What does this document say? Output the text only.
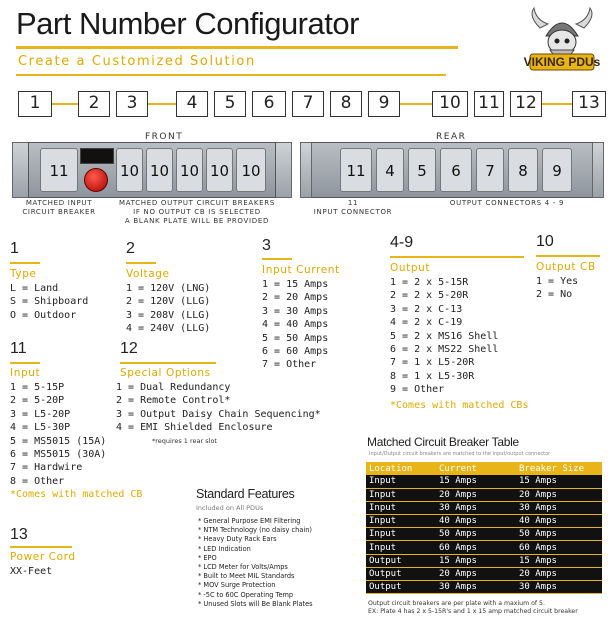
Part Number Configurator
Create a Customized Solution	VIKING PDUs
1	2	3	4	5	6	7	8	9	10	11 12	13
FRONT
11	10 10 10 10 10
MATCHED INPUT
CIRCUIT BREAKER
MATCHED OUTPUT CIRCUIT BREAKERS
IF NO OUTPUT CB IS SELECTED
A BLANK PLATE WILL BE PROVIDED
REAR
11	4	5	6	7	8	9
11
INPUT CONNECTOR
OUTPUT CONNECTORS 4 - 9
1
Type
L = Land
S = Shipboard
O = Outdoor
2
Voltage
1 = 120V (LNG)
2 = 120V (LLG)
3 = 208V (LLG)
4 = 240V (LLG)
3
Input Current
1 = 15 Amps
2 = 20 Amps
3 = 30 Amps
4 = 40 Amps
5 = 50 Amps
6 = 60 Amps
7 = Other
4-9
Output
1 = 2 x 5-15R
2 = 2 x 5-20R
3 = 2 x C-13
4 = 2 x C-19
5 = 2 x MS16 Shell
6 = 2 x MS22 Shell
7 = 1 x L5-20R
8 = 1 x L5-30R
9 = Other
*Comes with matched CBs
10
Output CB
1 = Yes
2 = No
11
Input
1 = 5-15P
2 = 5-20P
3 = L5-20P
4 = L5-30P
5 = MS5015 (15A)
6 = MS5015 (30A)
7 = Hardwire
8 = Other
*Comes with matched CB
12
Special Options
1 = Dual Redundancy
2 = Remote Control*
3 = Output Daisy Chain Sequencing*
4 = EMI Shielded Enclosure
*requires 1 rear slot
13
Power Cord
XX-Feet
Standard Features
Included on All PDUs
* General Purpose EMI Filtering
* NTM Technology (no daisy chain)
* Heavy Duty Rack Ears
* LED Indication
* EPO
* LCD Meter for Volts/Amps
* Built to Meet MIL Standards
* MOV Surge Protection
* -5C to 60C Operating Temp
* Unused Slots will Be Blank Plates
Matched Circuit Breaker Table
Input/Output circuit breakers are matched to the input/output connector
Location	Current	Breaker Size
Input	15 Amps	15 Amps
Input	20 Amps	20 Amps
Input	30 Amps	30 Amps
Input	40 Amps	40 Amps
Input	50 Amps	50 Amps
Input	60 Amps	60 Amps
Output	15 Amps	15 Amps
Output	20 Amps	20 Amps
Output	30 Amps	30 Amps
Output circuit breakers are per plate with a maxium of 5.
EX: Plate 4 has 2 x 5-15R's and 1 x 15 amp matched circuit breaker
